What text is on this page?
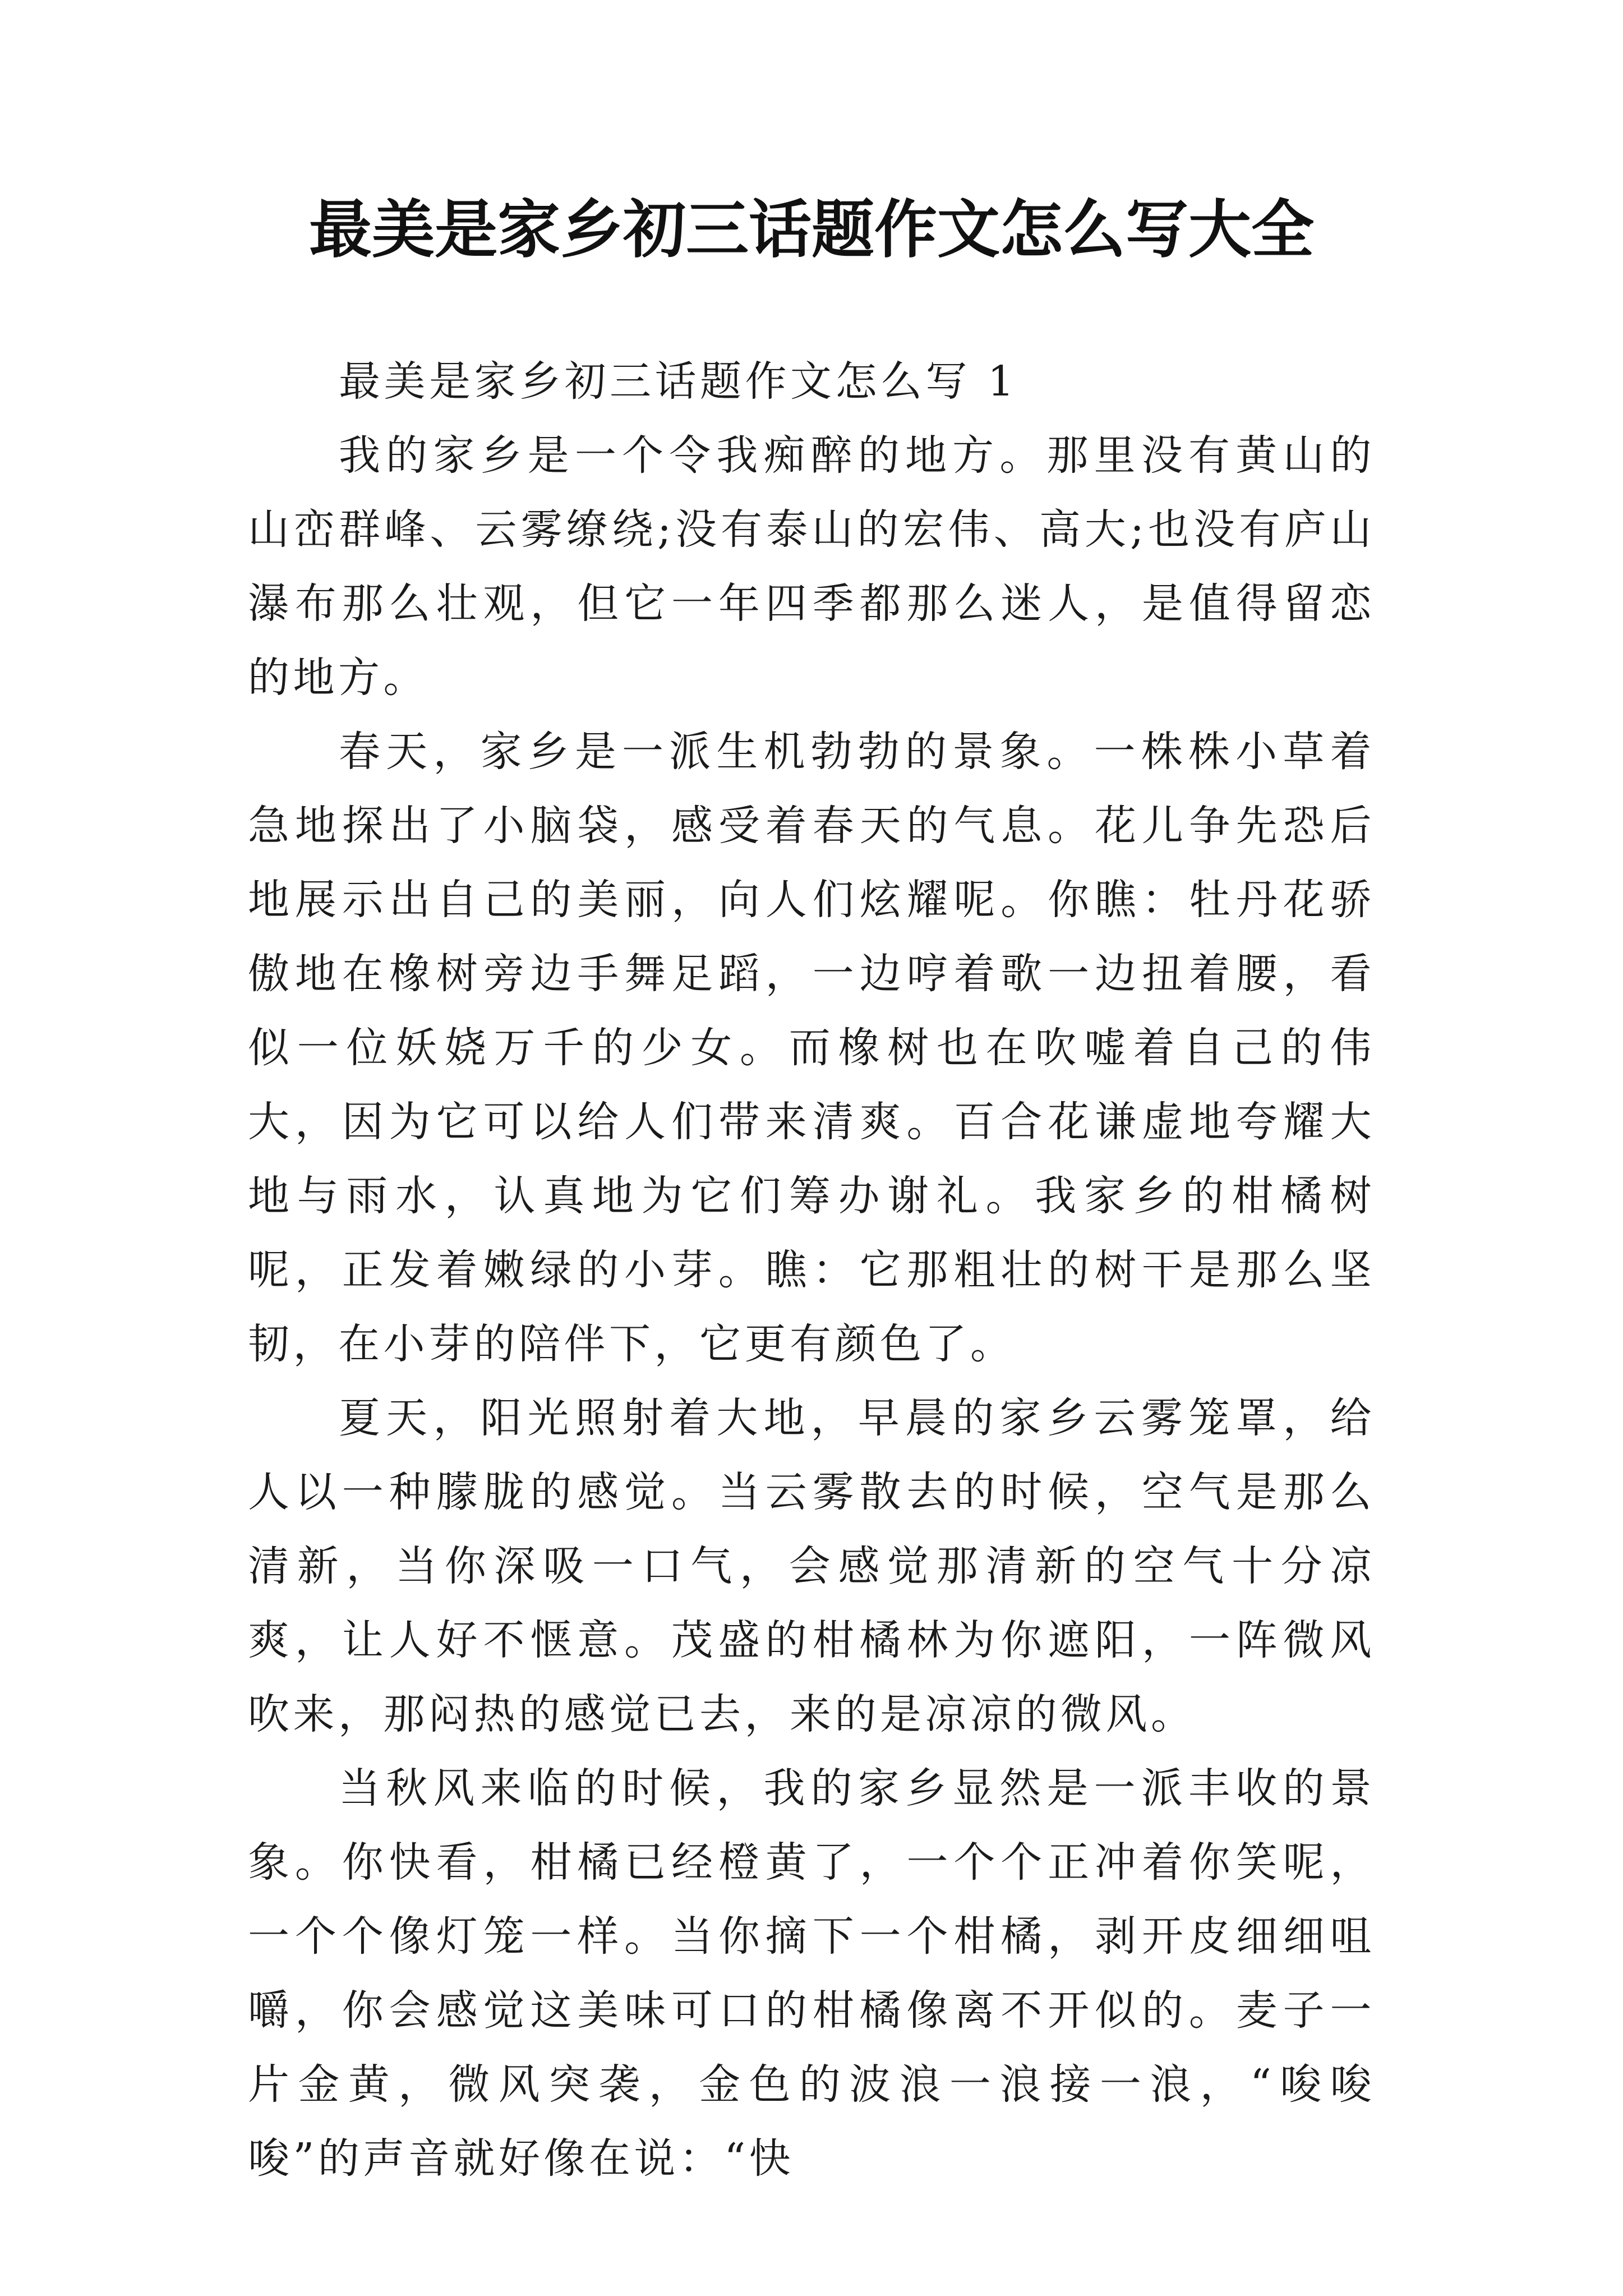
最美是家乡初三话题作文怎么写大全

最美是家乡初三话题作文怎么写 1

我的家乡是一个令我痴醉的地方。那里没有黄山的山峦群峰、云雾缭绕;没有泰山的宏伟、高大;也没有庐山瀑布那么壮观，但它一年四季都那么迷人，是值得留恋的地方。

春天，家乡是一派生机勃勃的景象。一株株小草着急地探出了小脑袋，感受着春天的气息。花儿争先恐后地展示出自己的美丽，向人们炫耀呢。你瞧：牡丹花骄傲地在橡树旁边手舞足蹈，一边哼着歌一边扭着腰，看似一位妖娆万千的少女。而橡树也在吹嘘着自己的伟大，因为它可以给人们带来清爽。百合花谦虚地夸耀大地与雨水，认真地为它们筹办谢礼。我家乡的柑橘树呢，正发着嫩绿的小芽。瞧：它那粗壮的树干是那么坚韧，在小芽的陪伴下，它更有颜色了。

夏天，阳光照射着大地，早晨的家乡云雾笼罩，给人以一种朦胧的感觉。当云雾散去的时候，空气是那么清新，当你深吸一口气，会感觉那清新的空气十分凉爽，让人好不惬意。茂盛的柑橘林为你遮阳，一阵微风吹来，那闷热的感觉已去，来的是凉凉的微风。

当秋风来临的时候，我的家乡显然是一派丰收的景象。你快看，柑橘已经橙黄了，一个个正冲着你笑呢，一个个像灯笼一样。当你摘下一个柑橘，剥开皮细细咀嚼，你会感觉这美味可口的柑橘像离不开似的。麦子一片金黄，微风突袭，金色的波浪一浪接一浪，“唆唆唆”的声音就好像在说：“快
